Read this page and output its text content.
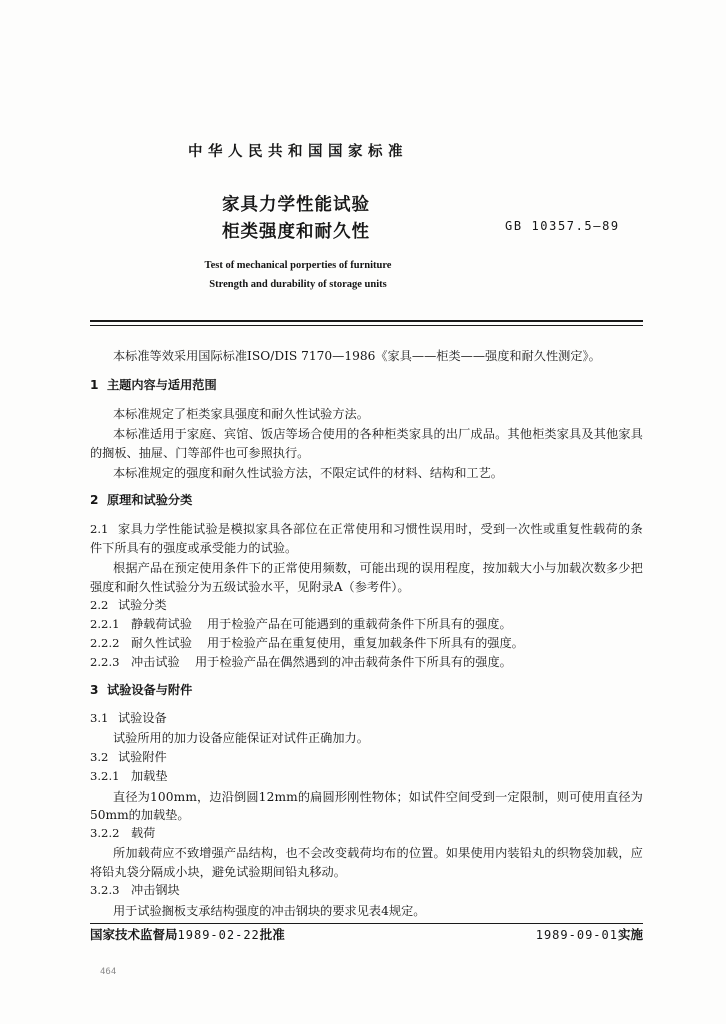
中华人民共和国国家标准
家具力学性能试验
柜类强度和耐久性	GB 10357.5—89
Test of mechanical porperties of furniture
Strength and durability of storage units
本标准等效采用国际标准ISO/DIS 7170—1986《家具——柜类——强度和耐久性测定》。
1 主题内容与适用范围
本标准规定了柜类家具强度和耐久性试验方法。
本标准适用于家庭、宾馆、饭店等场合使用的各种柜类家具的出厂成品。其他柜类家具及其他家具
的搁板、抽屉、门等部件也可参照执行。
本标准规定的强度和耐久性试验方法，不限定试件的材料、结构和工艺。
2 原理和试验分类
2.1 家具力学性能试验是模拟家具各部位在正常使用和习惯性误用时，受到一次性或重复性载荷的条
件下所具有的强度或承受能力的试验。
根据产品在预定使用条件下的正常使用频数，可能出现的误用程度，按加载大小与加载次数多少把
强度和耐久性试验分为五级试验水平，见附录A（参考件）。
2.2 试验分类
2.2.1 静载荷试验 用于检验产品在可能遇到的重载荷条件下所具有的强度。
2.2.2 耐久性试验 用于检验产品在重复使用，重复加载条件下所具有的强度。
2.2.3 冲击试验 用于检验产品在偶然遇到的冲击载荷条件下所具有的强度。
3 试验设备与附件
3.1 试验设备
试验所用的加力设备应能保证对试件正确加力。
3.2 试验附件
3.2.1 加载垫
直径为100mm，边沿倒圆12mm的扁圆形刚性物体；如试件空间受到一定限制，则可使用直径为
50mm的加载垫。
3.2.2 载荷
所加载荷应不致增强产品结构，也不会改变载荷均布的位置。如果使用内装铅丸的织物袋加载，应
将铅丸袋分隔成小块，避免试验期间铅丸移动。
3.2.3 冲击钢块
用于试验搁板支承结构强度的冲击钢块的要求见表4规定。
国家技术监督局1989-02-22批准	1989-09-01实施
464
